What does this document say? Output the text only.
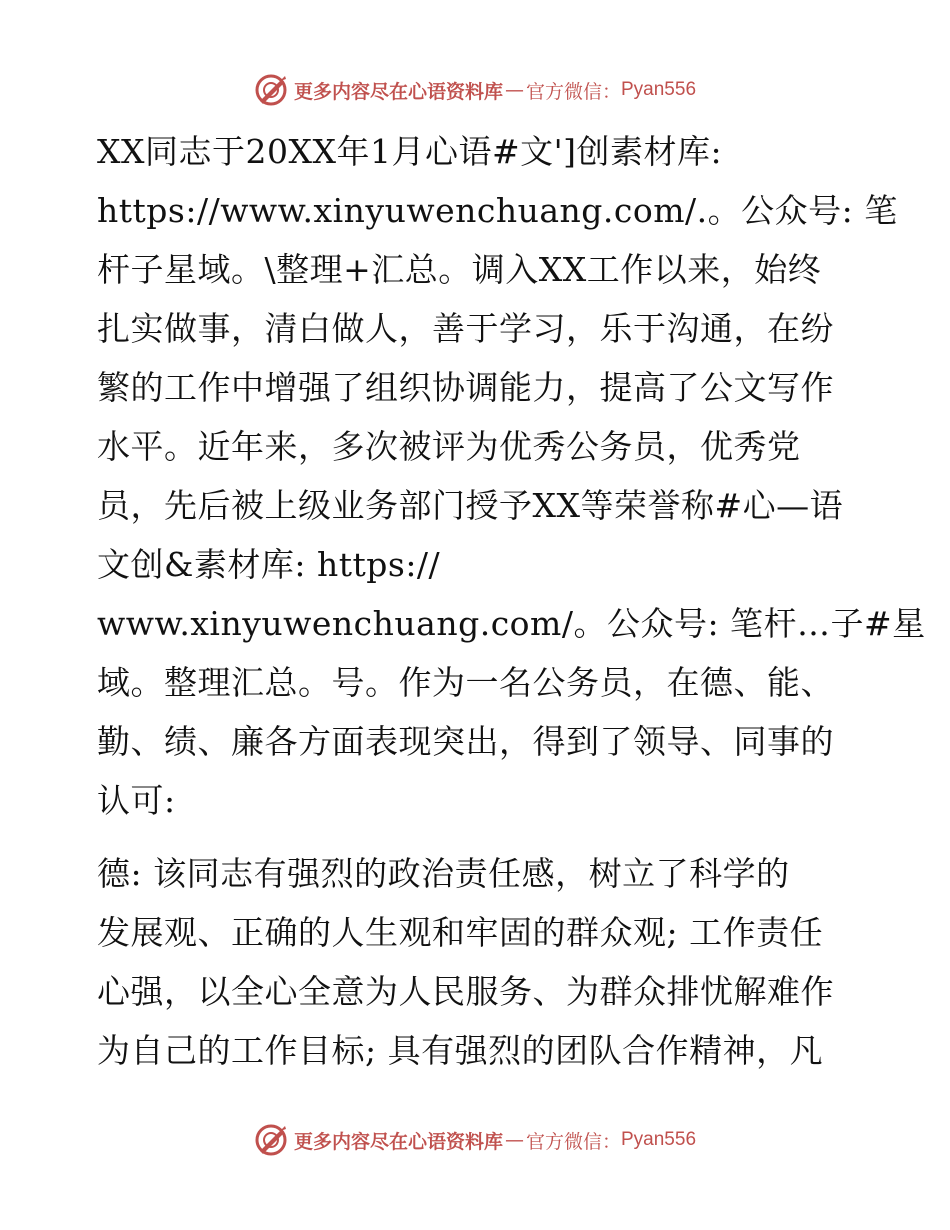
更多内容尽在心语资料库 — 官方微信： Pyan556
XX同志于20XX年1月心语#文']创素材库:
https://www.xinyuwenchuang.com/.。公众号: 笔
杆子星域。\整理+汇总。调入XX工作以来，始终
扎实做事，清白做人，善于学习，乐于沟通，在纷
繁的工作中增强了组织协调能力，提高了公文写作
水平。近年来，多次被评为优秀公务员，优秀党
员，先后被上级业务部门授予XX等荣誉称#心—语
文创&素材库: https://
www.xinyuwenchuang.com/。公众号: 笔杆…子#星
域。整理汇总。号。作为一名公务员，在德、能、
勤、绩、廉各方面表现突出，得到了领导、同事的
认可:
德: 该同志有强烈的政治责任感，树立了科学的
发展观、正确的人生观和牢固的群众观; 工作责任
心强，以全心全意为人民服务、为群众排忧解难作
为自己的工作目标; 具有强烈的团队合作精神，凡
更多内容尽在心语资料库 — 官方微信： Pyan556
